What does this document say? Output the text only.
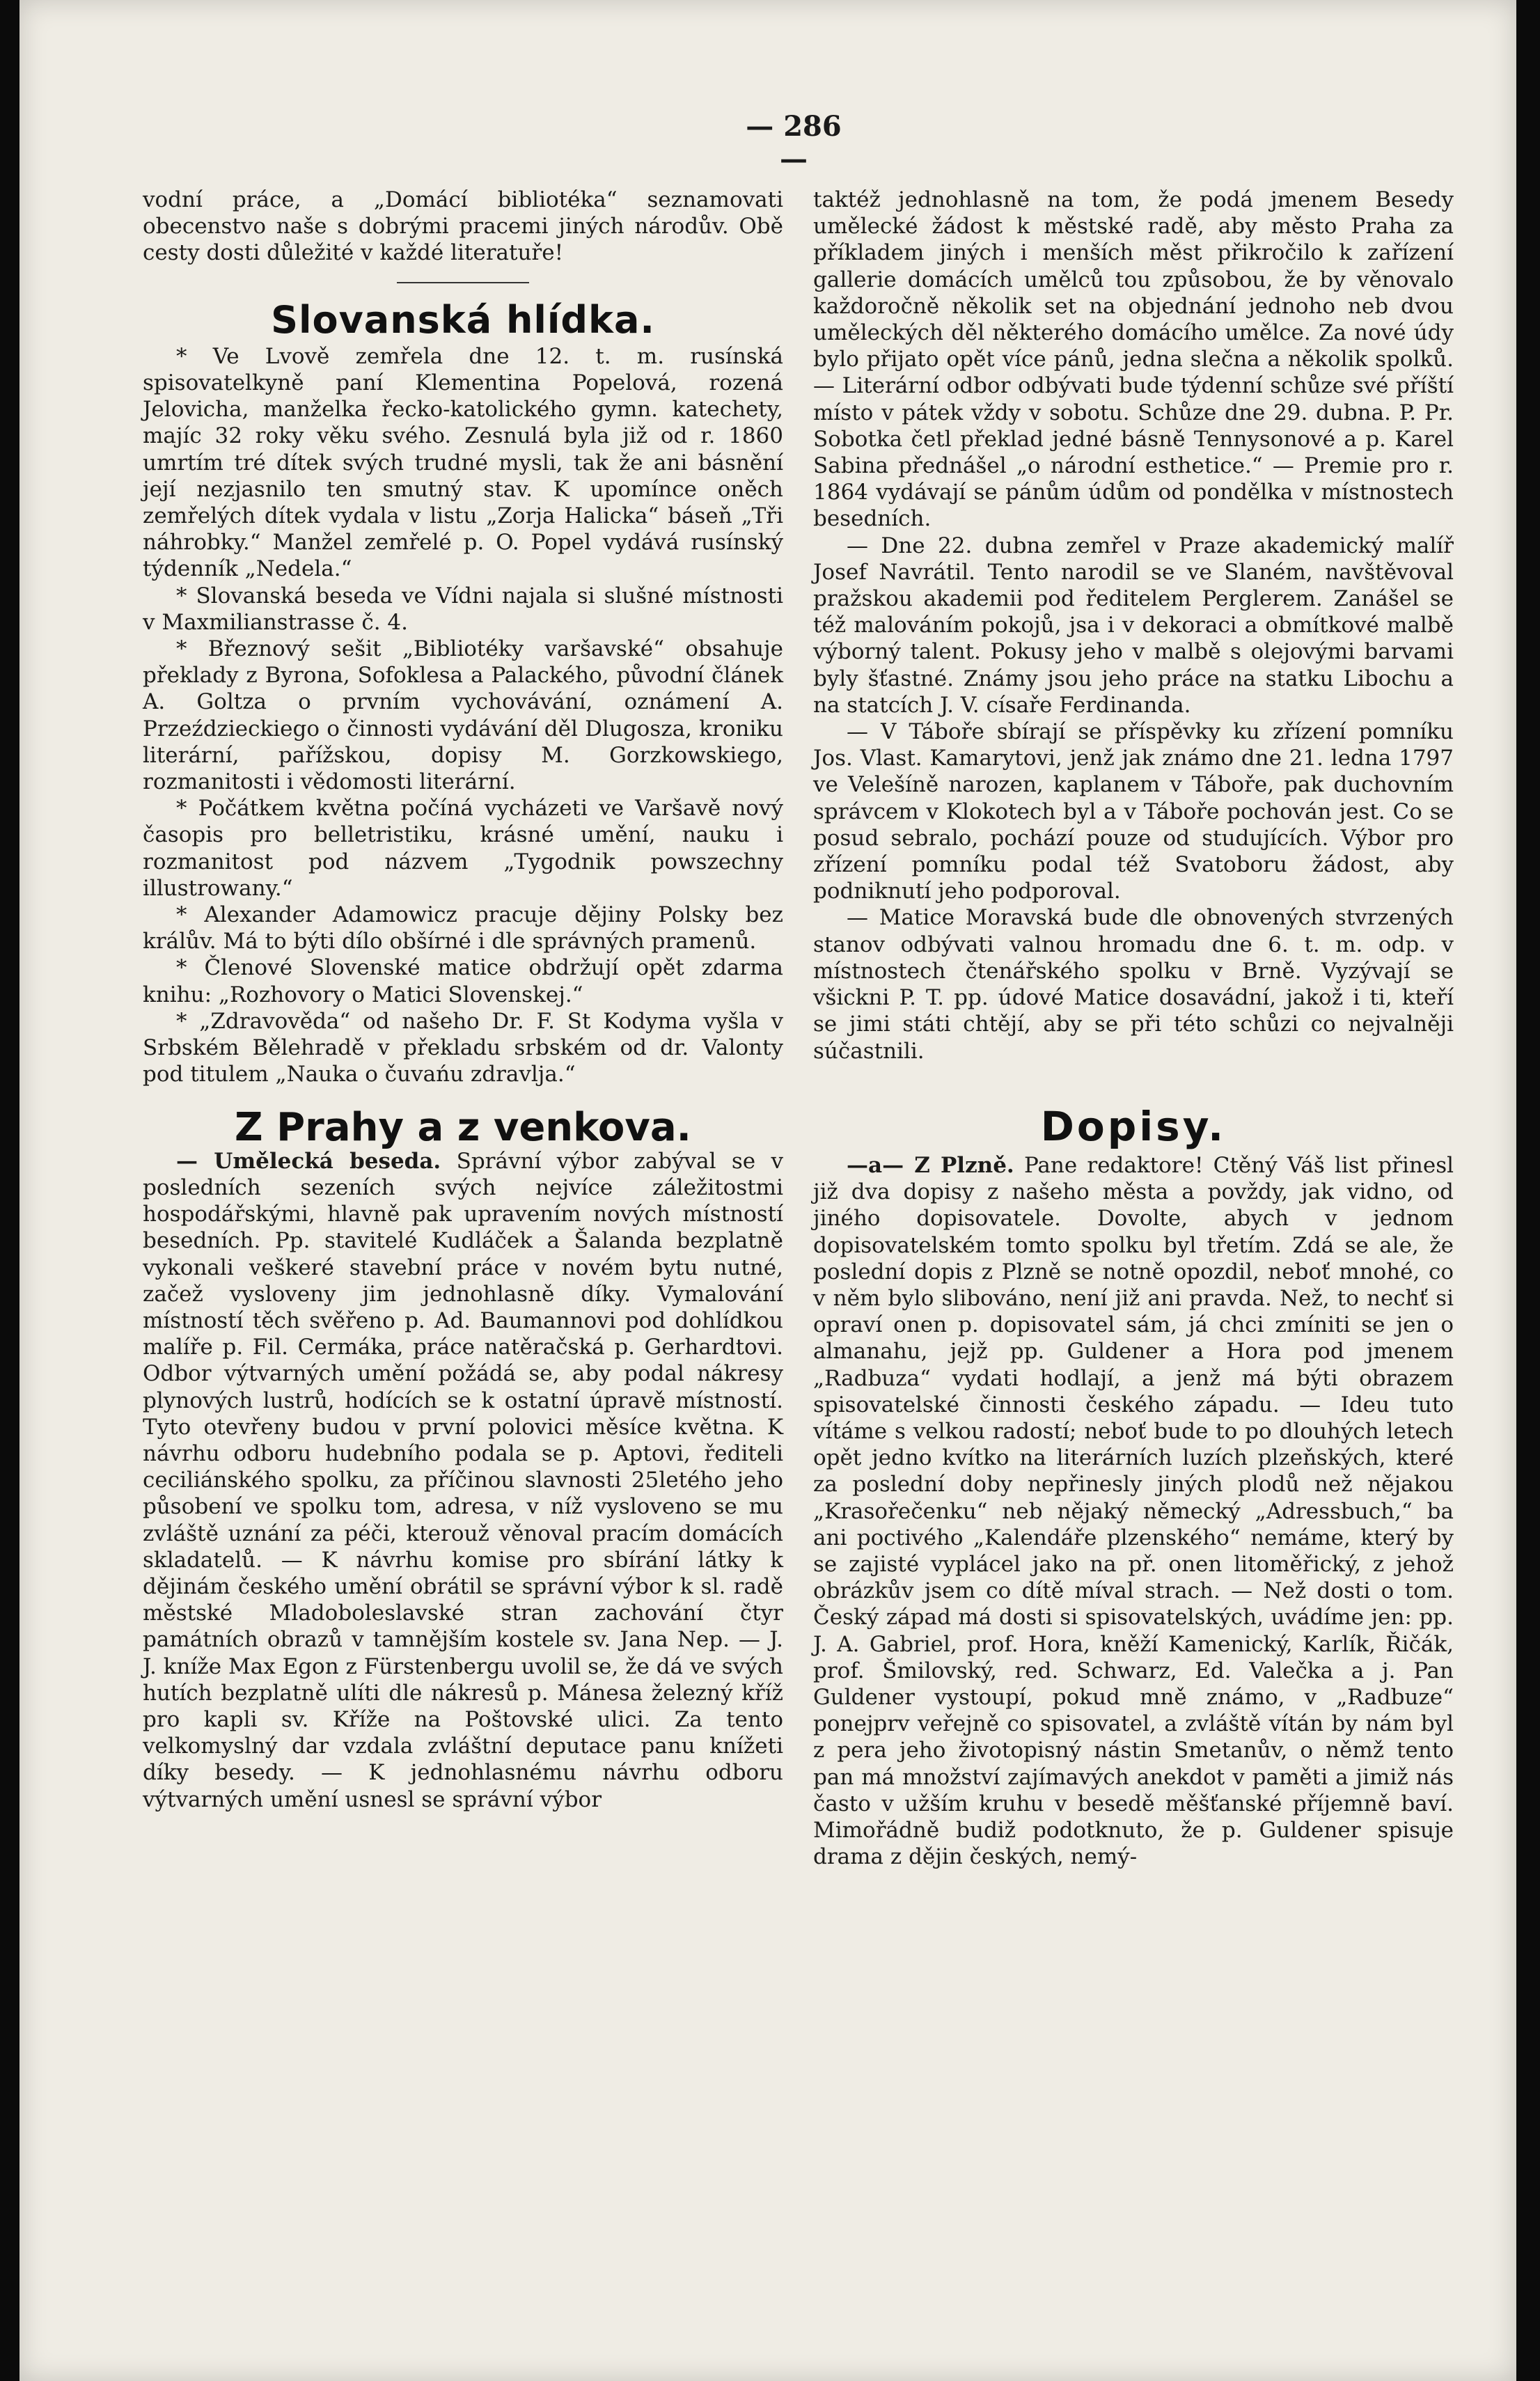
— 286 —

vodní práce, a „Domácí bibliotéka“ seznamovati obecenstvo naše s dobrými pracemi jiných národův. Obě cesty dosti důležité v každé literatuře!

Slovanská hlídka.

* Ve Lvově zemřela dne 12. t. m. rusínská spisovatelkyně paní Klementina Popelová, rozená Jelovicha, manželka řecko-katolického gymn. katechety, majíc 32 roky věku svého. Zesnulá byla již od r. 1860 umrtím tré dítek svých trudné mysli, tak že ani básnění její nezjasnilo ten smutný stav. K upomínce oněch zemřelých dítek vydala v listu „Zorja Halicka“ báseň „Tři náhrobky.“ Manžel zemřelé p. O. Popel vydává rusínský týdenník „Nedela.“

* Slovanská beseda ve Vídni najala si slušné místnosti v Maxmilianstrasse č. 4.

* Březnový sešit „Bibliotéky varšavské“ obsahuje překlady z Byrona, Sofoklesa a Palackého, původní článek A. Goltza o prvním vychovávání, oznámení A. Przeździeckiego o činnosti vydávání děl Dlugosza, kroniku literární, pařížskou, dopisy M. Gorzkowskiego, rozmanitosti i vědomosti literární.

* Počátkem května počíná vycházeti ve Varšavě nový časopis pro belletristiku, krásné umění, nauku i rozmanitost pod názvem „Tygodnik powszechny illustrowany.“

* Alexander Adamowicz pracuje dějiny Polsky bez králův. Má to býti dílo obšírné i dle správných pramenů.

* Členové Slovenské matice obdržují opět zdarma knihu: „Rozhovory o Matici Slovenskej.“

* „Zdravověda“ od našeho Dr. F. St Kodyma vyšla v Srbském Bělehradě v překladu srbském od dr. Valonty pod titulem „Nauka o čuvańu zdravlja.“

Z Prahy a z venkova.

— Umělecká beseda. Správní výbor zabýval se v posledních sezeních svých nejvíce záležitostmi hospodářskými, hlavně pak upravením nových místností besedních. Pp. stavitelé Kudláček a Šalanda bezplatně vykonali veškeré stavební práce v novém bytu nutné, začež vysloveny jim jednohlasně díky. Vymalování místností těch svěřeno p. Ad. Baumannovi pod dohlídkou malíře p. Fil. Cermáka, práce natěračská p. Gerhardtovi. Odbor výtvarných umění požádá se, aby podal nákresy plynových lustrů, hodících se k ostatní úpravě místností. Tyto otevřeny budou v první polovici měsíce května. K návrhu odboru hudebního podala se p. Aptovi, řediteli ceciliánského spolku, za příčinou slavnosti 25letého jeho působení ve spolku tom, adresa, v níž vysloveno se mu zvláště uznání za péči, kterouž věnoval pracím domácích skladatelů. — K návrhu komise pro sbírání látky k dějinám českého umění obrátil se správní výbor k sl. radě městské Mladoboleslavské stran zachování čtyr památních obrazů v tamnějším kostele sv. Jana Nep. — J. J. kníže Max Egon z Fürstenbergu uvolil se, že dá ve svých hutích bezplatně ulíti dle nákresů p. Mánesa železný kříž pro kapli sv. Kříže na Poštovské ulici. Za tento velkomyslný dar vzdala zvláštní deputace panu knížeti díky besedy. — K jednohlasnému návrhu odboru výtvarných umění usnesl se správní výbor

taktéž jednohlasně na tom, že podá jmenem Besedy umělecké žádost k městské radě, aby město Praha za příkladem jiných i menších měst přikročilo k zařízení gallerie domácích umělců tou způsobou, že by věnovalo každoročně několik set na objednání jednoho neb dvou uměleckých děl některého domácího umělce. Za nové údy bylo přijato opět více pánů, jedna slečna a několik spolků. — Literární odbor odbývati bude týdenní schůze své příští místo v pátek vždy v sobotu. Schůze dne 29. dubna. P. Pr. Sobotka četl překlad jedné básně Tennysonové a p. Karel Sabina přednášel „o národní esthetice.“ — Premie pro r. 1864 vydávají se pánům údům od pondělka v místnostech besedních.

— Dne 22. dubna zemřel v Praze akademický malíř Josef Navrátil. Tento narodil se ve Slaném, navštěvoval pražskou akademii pod ředitelem Perglerem. Zanášel se též malováním pokojů, jsa i v dekoraci a obmítkové malbě výborný talent. Pokusy jeho v malbě s olejovými barvami byly šťastné. Známy jsou jeho práce na statku Libochu a na statcích J. V. císaře Ferdinanda.

— V Táboře sbírají se příspěvky ku zřízení pomníku Jos. Vlast. Kamarytovi, jenž jak známo dne 21. ledna 1797 ve Velešíně narozen, kaplanem v Táboře, pak duchovním správcem v Klokotech byl a v Táboře pochován jest. Co se posud sebralo, pochází pouze od studujících. Výbor pro zřízení pomníku podal též Svatoboru žádost, aby podniknutí jeho podporoval.

— Matice Moravská bude dle obnovených stvrzených stanov odbývati valnou hromadu dne 6. t. m. odp. v místnostech čtenářského spolku v Brně. Vyzývají se všickni P. T. pp. údové Matice dosavádní, jakož i ti, kteří se jimi státi chtějí, aby se při této schůzi co nejvalněji súčastnili.

Dopisy.

—a— Z Plzně. Pane redaktore! Ctěný Váš list přinesl již dva dopisy z našeho města a povždy, jak vidno, od jiného dopisovatele. Dovolte, abych v jednom dopisovatelském tomto spolku byl třetím. Zdá se ale, že poslední dopis z Plzně se notně opozdil, neboť mnohé, co v něm bylo slibováno, není již ani pravda. Než, to nechť si opraví onen p. dopisovatel sám, já chci zmíniti se jen o almanahu, jejž pp. Guldener a Hora pod jmenem „Radbuza“ vydati hodlají, a jenž má býti obrazem spisovatelské činnosti českého západu. — Ideu tuto vítáme s velkou radostí; neboť bude to po dlouhých letech opět jedno kvítko na literárních luzích plzeňských, které za poslední doby nepřinesly jiných plodů než nějakou „Krasořečenku“ neb nějaký německý „Adressbuch,“ ba ani poctivého „Kalendáře plzenského“ nemáme, který by se zajisté vyplácel jako na př. onen litoměřický, z jehož obrázkův jsem co dítě míval strach. — Než dosti o tom. Český západ má dosti si spisovatelských, uvádíme jen: pp. J. A. Gabriel, prof. Hora, kněží Kamenický, Karlík, Řičák, prof. Šmilovský, red. Schwarz, Ed. Valečka a j. Pan Guldener vystoupí, pokud mně známo, v „Radbuze“ ponejprv veřejně co spisovatel, a zvláště vítán by nám byl z pera jeho životopisný nástin Smetanův, o němž tento pan má množství zajímavých anekdot v paměti a jimiž nás často v užším kruhu v besedě měšťanské příjemně baví. Mimořádně budiž podotknuto, že p. Guldener spisuje drama z dějin českých, nemý-
